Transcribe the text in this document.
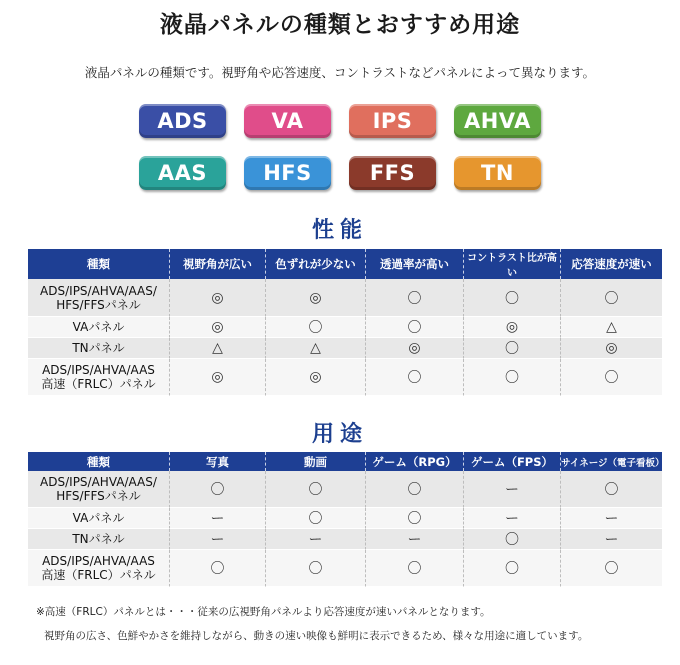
液晶パネルの種類とおすすめ用途
液晶パネルの種類です。視野角や応答速度、コントラストなどパネルによって異なります。
ADS	VA	IPS	AHVA
AAS	HFS	FFS	TN
性能
種類	視野角が広い	色ずれが少ない	透過率が高い	コントラスト比が高い	応答速度が速い
ADS/IPS/AHVA/AAS/
HFS/FFSパネル	◎	◎	〇	〇	〇
VAパネル	◎	〇	〇	◎	△
TNパネル	△	△	◎	〇	◎
ADS/IPS/AHVA/AAS
高速（FRLC）パネル	◎	◎	〇	〇	〇
用途
種類	写真	動画	ゲーム（RPG）	ゲーム（FPS）	サイネージ（電子看板）
ADS/IPS/AHVA/AAS/
HFS/FFSパネル	〇	〇	〇	ー	〇
VAパネル	ー	〇	〇	ー	ー
TNパネル	ー	ー	ー	〇	ー
ADS/IPS/AHVA/AAS
高速（FRLC）パネル	〇	〇	〇	〇	〇
※高速（FRLC）パネルとは・・・従来の広視野角パネルより応答速度が速いパネルとなります。
視野角の広さ、色鮮やかさを維持しながら、動きの速い映像も鮮明に表示できるため、様々な用途に適しています。
